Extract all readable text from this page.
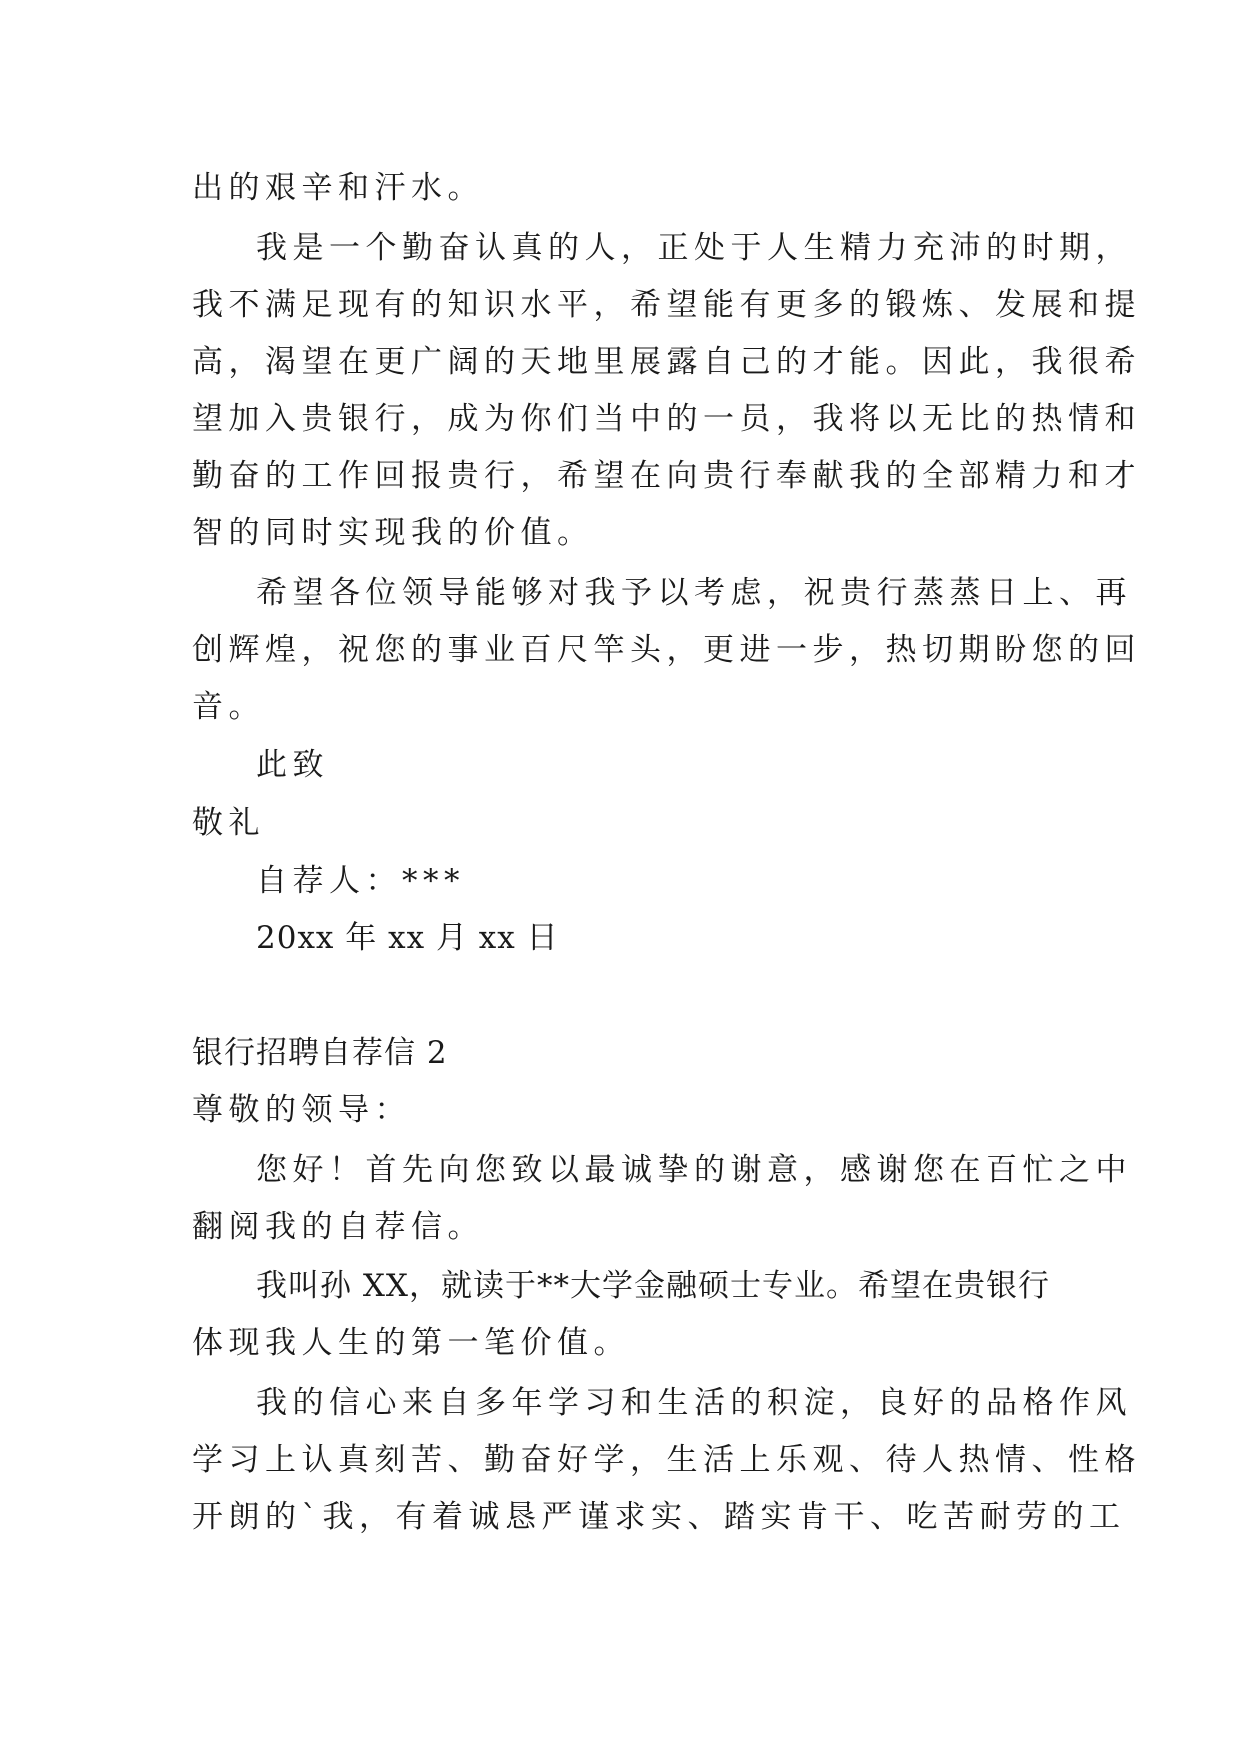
出的艰辛和汗水。
我是一个勤奋认真的人，正处于人生精力充沛的时期，
我不满足现有的知识水平，希望能有更多的锻炼、发展和提
高，渴望在更广阔的天地里展露自己的才能。因此，我很希
望加入贵银行，成为你们当中的一员，我将以无比的热情和
勤奋的工作回报贵行，希望在向贵行奉献我的全部精力和才
智的同时实现我的价值。
希望各位领导能够对我予以考虑，祝贵行蒸蒸日上、再
创辉煌，祝您的事业百尺竿头，更进一步，热切期盼您的回
音。
此致
敬礼
自荐人：***
20xx 年 xx 月 xx 日
银行招聘自荐信 2
尊敬的领导：
您好！首先向您致以最诚挚的谢意，感谢您在百忙之中
翻阅我的自荐信。
我叫孙 XX，就读于**大学金融硕士专业。希望在贵银行
体现我人生的第一笔价值。
我的信心来自多年学习和生活的积淀，良好的品格作风
学习上认真刻苦、勤奋好学，生活上乐观、待人热情、性格
开朗的`我，有着诚恳严谨求实、踏实肯干、吃苦耐劳的工
